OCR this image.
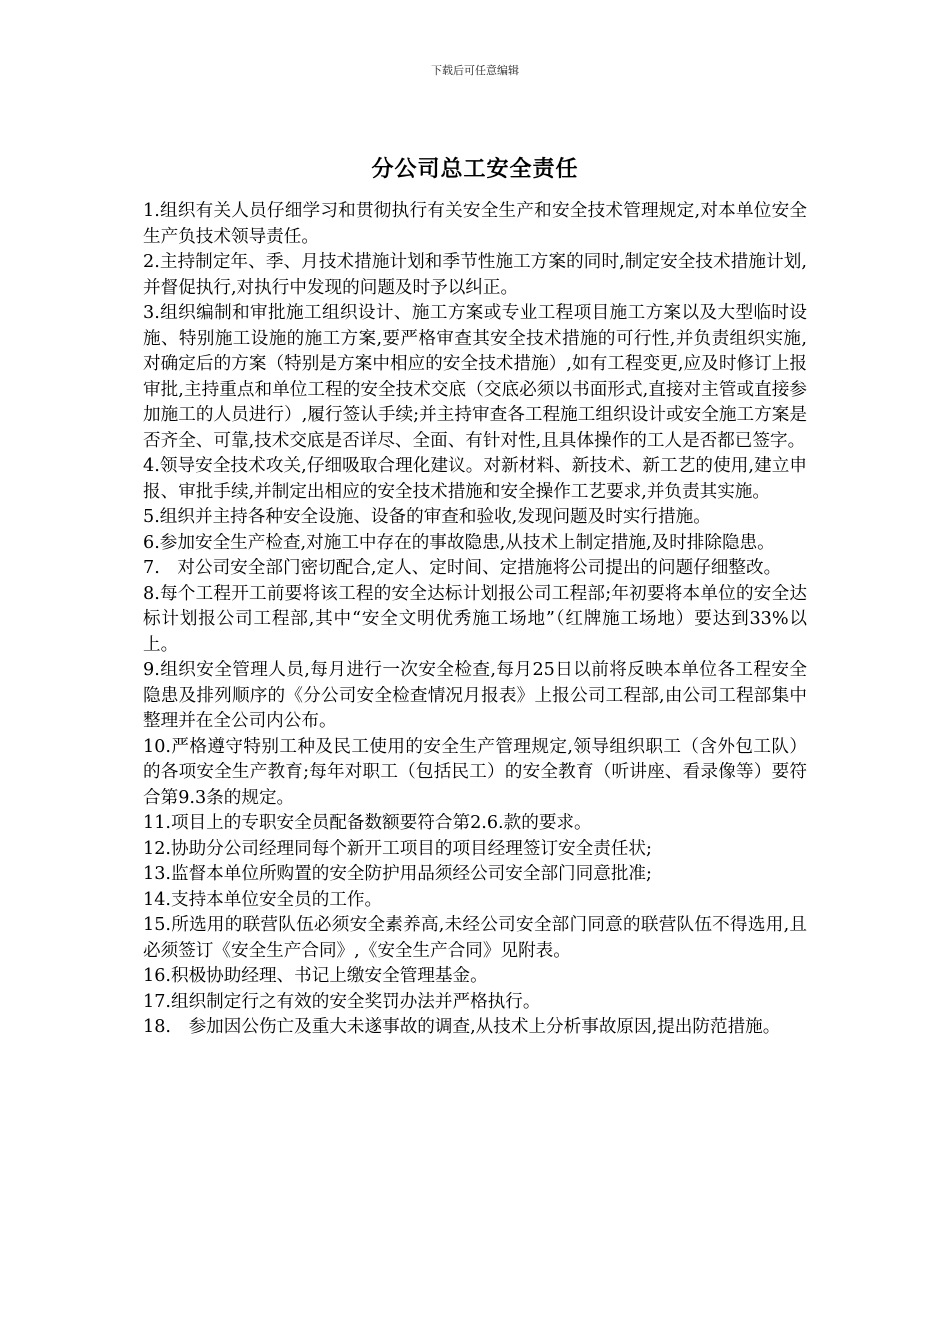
下载后可任意编辑
分公司总工安全责任
1.组织有关人员仔细学习和贯彻执行有关安全生产和安全技术管理规定,对本单位安全生产负技术领导责任。
2.主持制定年、季、月技术措施计划和季节性施工方案的同时,制定安全技术措施计划,并督促执行,对执行中发现的问题及时予以纠正。
3.组织编制和审批施工组织设计、施工方案或专业工程项目施工方案以及大型临时设施、特别施工设施的施工方案,要严格审查其安全技术措施的可行性,并负责组织实施,对确定后的方案（特别是方案中相应的安全技术措施）,如有工程变更,应及时修订上报审批,主持重点和单位工程的安全技术交底（交底必须以书面形式,直接对主管或直接参加施工的人员进行）,履行签认手续;并主持审查各工程施工组织设计或安全施工方案是否齐全、可靠,技术交底是否详尽、全面、有针对性,且具体操作的工人是否都已签字。
4.领导安全技术攻关,仔细吸取合理化建议。对新材料、新技术、新工艺的使用,建立申报、审批手续,并制定出相应的安全技术措施和安全操作工艺要求,并负责其实施。
5.组织并主持各种安全设施、设备的审查和验收,发现问题及时实行措施。
6.参加安全生产检查,对施工中存在的事故隐患,从技术上制定措施,及时排除隐患。
7.　对公司安全部门密切配合,定人、定时间、定措施将公司提出的问题仔细整改。
8.每个工程开工前要将该工程的安全达标计划报公司工程部;年初要将本单位的安全达标计划报公司工程部,其中“安全文明优秀施工场地”（红牌施工场地）要达到33%以上。
9.组织安全管理人员,每月进行一次安全检查,每月25日以前将反映本单位各工程安全隐患及排列顺序的《分公司安全检查情况月报表》上报公司工程部,由公司工程部集中整理并在全公司内公布。
10.严格遵守特别工种及民工使用的安全生产管理规定,领导组织职工（含外包工队）的各项安全生产教育;每年对职工（包括民工）的安全教育（听讲座、看录像等）要符合第9.3条的规定。
11.项目上的专职安全员配备数额要符合第2.6.款的要求。
12.协助分公司经理同每个新开工项目的项目经理签订安全责任状;
13.监督本单位所购置的安全防护用品须经公司安全部门同意批准;
14.支持本单位安全员的工作。
15.所选用的联营队伍必须安全素养高,未经公司安全部门同意的联营队伍不得选用,且必须签订《安全生产合同》,《安全生产合同》见附表。
16.积极协助经理、书记上缴安全管理基金。
17.组织制定行之有效的安全奖罚办法并严格执行。
18.　参加因公伤亡及重大未遂事故的调查,从技术上分析事故原因,提出防范措施。
